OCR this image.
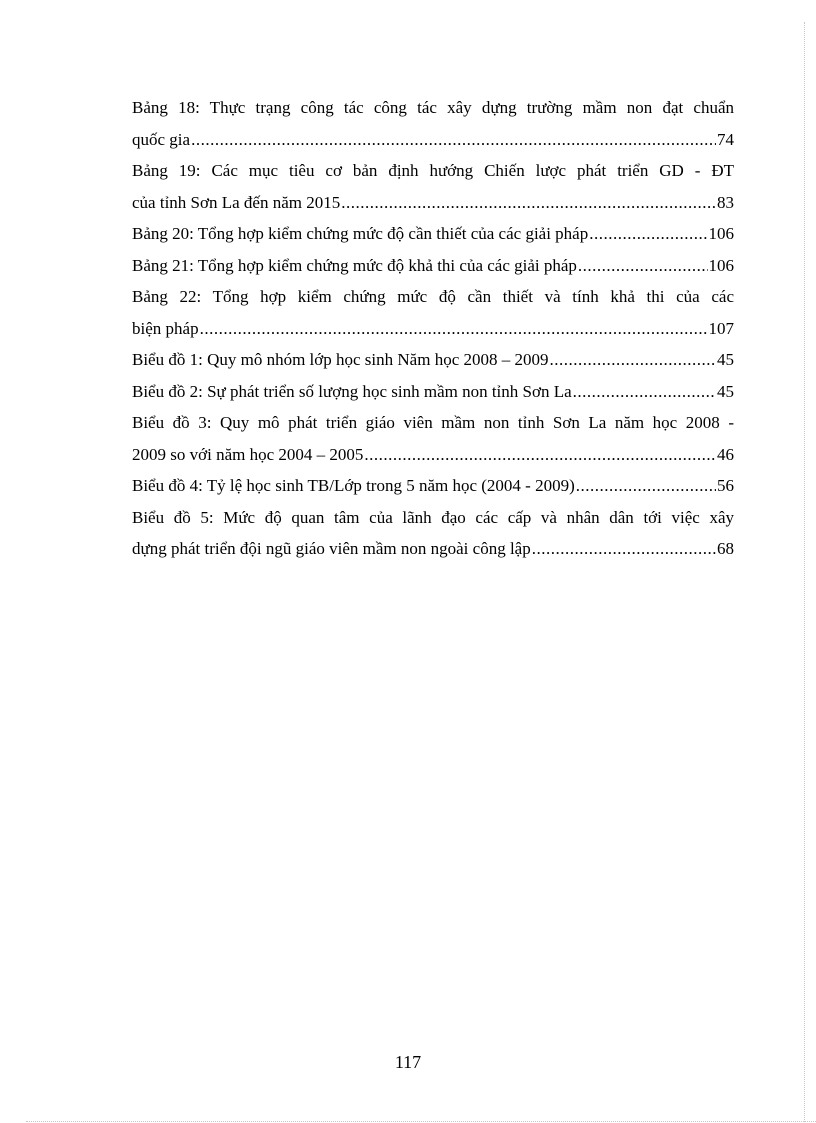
Bảng 18: Thực trạng công tác công tác xây dựng trường mầm non đạt chuẩn
quốc gia .....	74
Bảng 19: Các mục tiêu cơ bản định hướng Chiến lược phát triển GD - ĐT
của tỉnh Sơn La đến năm 2015 .....	83
Bảng 20: Tổng hợp kiểm chứng mức độ cần thiết của các giải pháp .....	106
Bảng 21: Tổng hợp kiểm chứng mức độ khả thi của các giải pháp .....	106
Bảng 22: Tổng hợp kiểm chứng mức độ cần thiết và tính khả thi của các
biện pháp .....	107
Biểu đồ 1: Quy mô nhóm lớp học sinh Năm học 2008 – 2009 .....	45
Biểu đồ 2: Sự phát triển số lượng học sinh mầm non tỉnh Sơn La .....	45
Biểu đồ 3: Quy mô phát triển giáo viên mầm non tỉnh Sơn La năm học 2008 -
2009 so với năm học 2004 – 2005 .....	46
Biểu đồ 4: Tỷ lệ học sinh TB/Lớp trong 5 năm học (2004 - 2009) .....	56
Biểu đồ 5: Mức độ quan tâm của lãnh đạo các cấp và nhân dân tới việc xây
dựng phát triển đội ngũ giáo viên mầm non ngoài công lập .....	68
117
